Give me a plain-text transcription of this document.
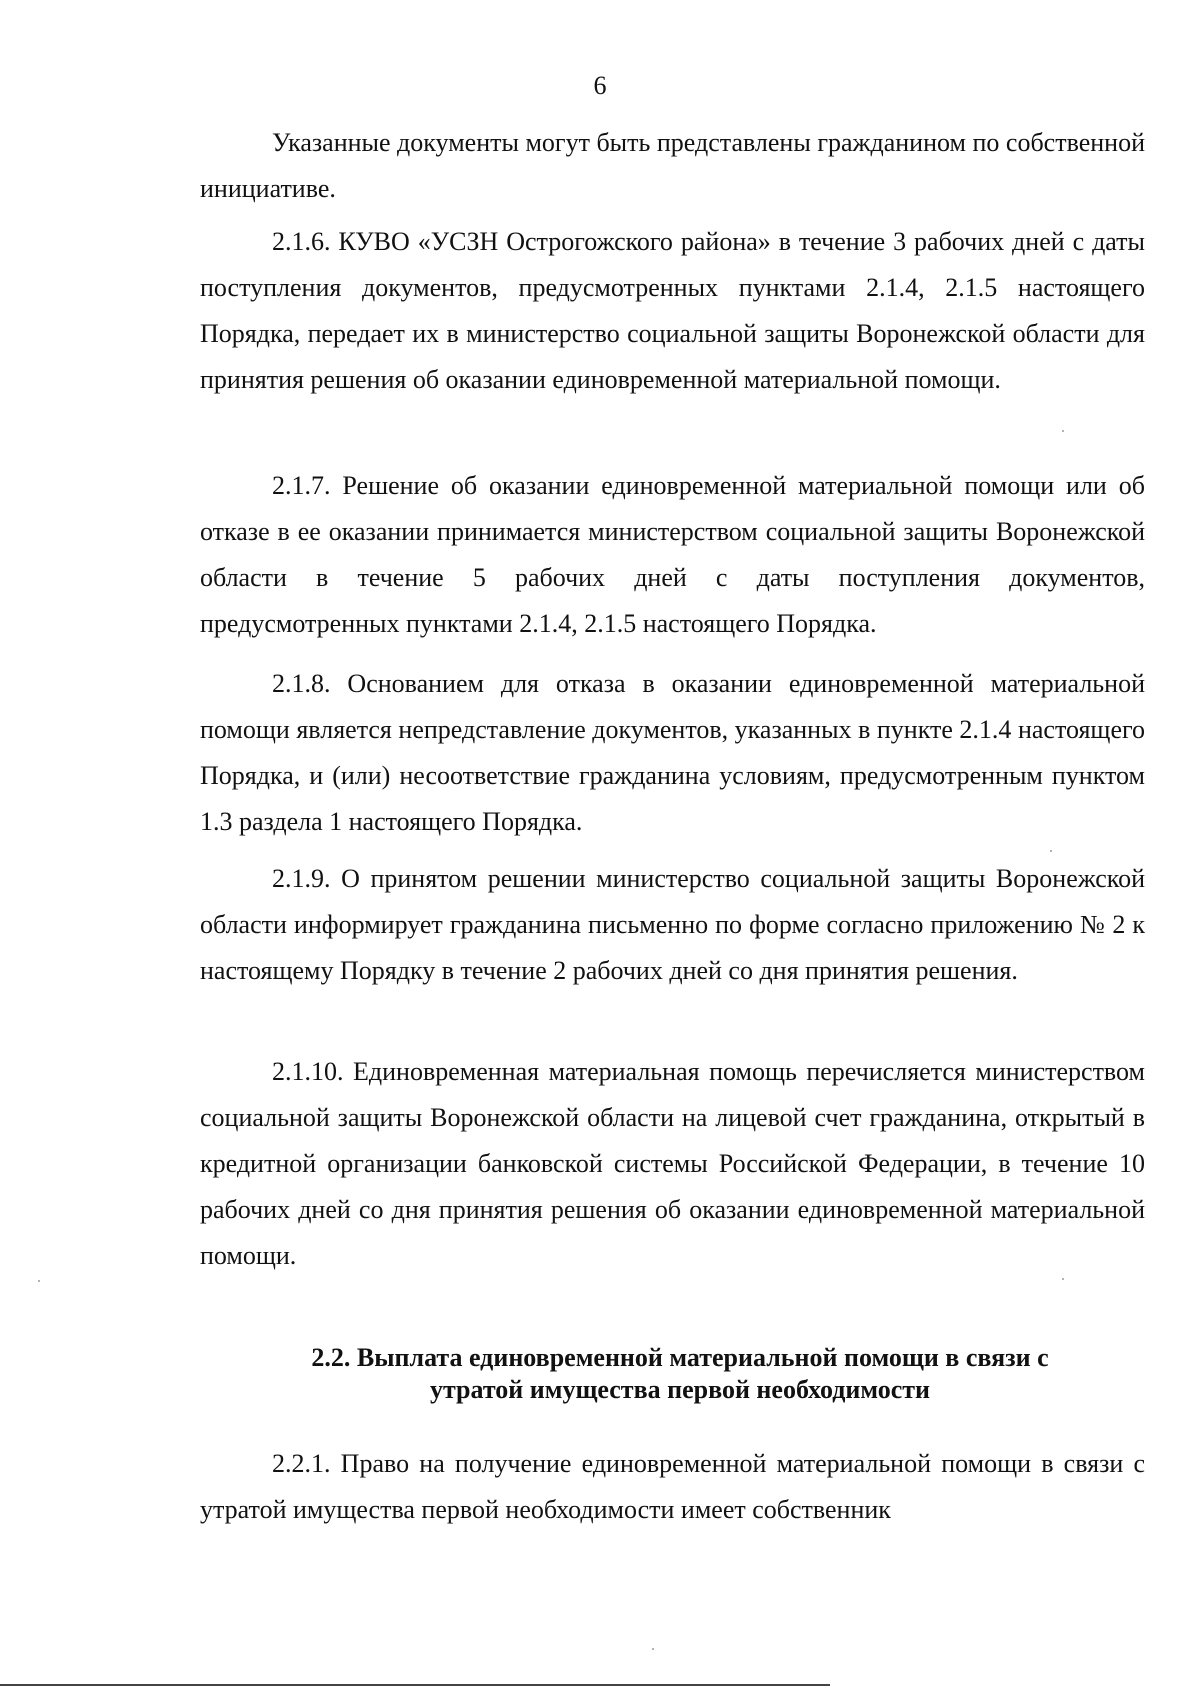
6

Указанные документы могут быть представлены гражданином по собственной инициативе.

2.1.6. КУВО «УСЗН Острогожского района» в течение 3 рабочих дней с даты поступления документов, предусмотренных пунктами 2.1.4, 2.1.5 настоящего Порядка, передает их в министерство социальной защиты Воронежской области для принятия решения об оказании единовременной материальной помощи.

2.1.7. Решение об оказании единовременной материальной помощи или об отказе в ее оказании принимается министерством социальной защиты Воронежской области в течение 5 рабочих дней с даты поступления документов, предусмотренных пунктами 2.1.4, 2.1.5 настоящего Порядка.

2.1.8. Основанием для отказа в оказании единовременной материальной помощи является непредставление документов, указанных в пункте 2.1.4 настоящего Порядка, и (или) несоответствие гражданина условиям, предусмотренным пунктом 1.3 раздела 1 настоящего Порядка.

2.1.9. О принятом решении министерство социальной защиты Воронежской области информирует гражданина письменно по форме согласно приложению № 2 к настоящему Порядку в течение 2 рабочих дней со дня принятия решения.

2.1.10. Единовременная материальная помощь перечисляется министерством социальной защиты Воронежской области на лицевой счет гражданина, открытый в кредитной организации банковской системы Российской Федерации, в течение 10 рабочих дней со дня принятия решения об оказании единовременной материальной помощи.

2.2. Выплата единовременной материальной помощи в связи с
утратой имущества первой необходимости

2.2.1. Право на получение единовременной материальной помощи в связи с утратой имущества первой необходимости имеет собственник
